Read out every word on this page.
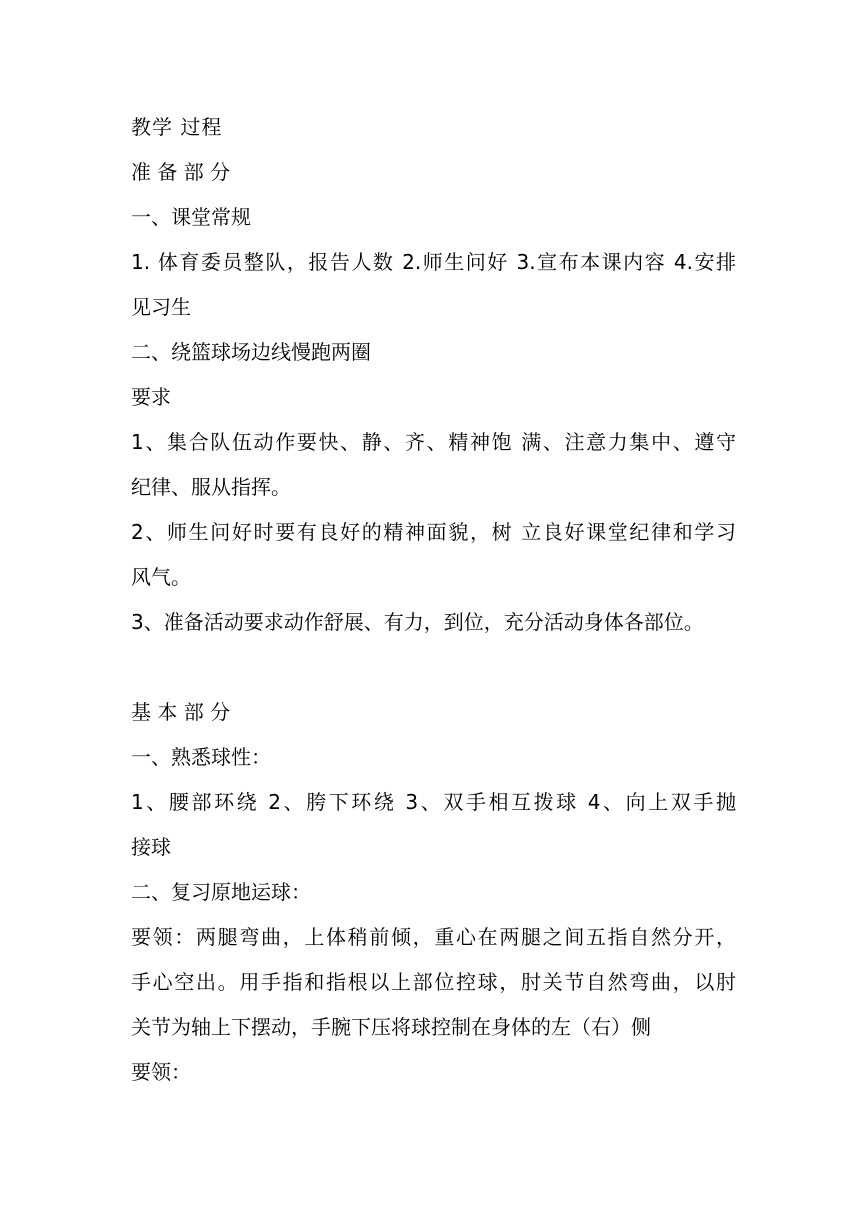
教学 过程
准 备 部 分
一、课堂常规
1. 体育委员整队，报告人数 2.师生问好 3.宣布本课内容 4.安排
见习生
二、绕篮球场边线慢跑两圈
要求
1、集合队伍动作要快、静、齐、精神饱 满、注意力集中、遵守
纪律、服从指挥。
2、师生问好时要有良好的精神面貌，树 立良好课堂纪律和学习
风气。
3、准备活动要求动作舒展、有力，到位，充分活动身体各部位。
基 本 部 分
一、熟悉球性：
1、腰部环绕 2、胯下环绕 3、双手相互拨球 4、向上双手抛
接球
二、复习原地运球：
要领：两腿弯曲，上体稍前倾，重心在两腿之间五指自然分开，
手心空出。用手指和指根以上部位控球，肘关节自然弯曲，以肘
关节为轴上下摆动，手腕下压将球控制在身体的左（右）侧
要领：
